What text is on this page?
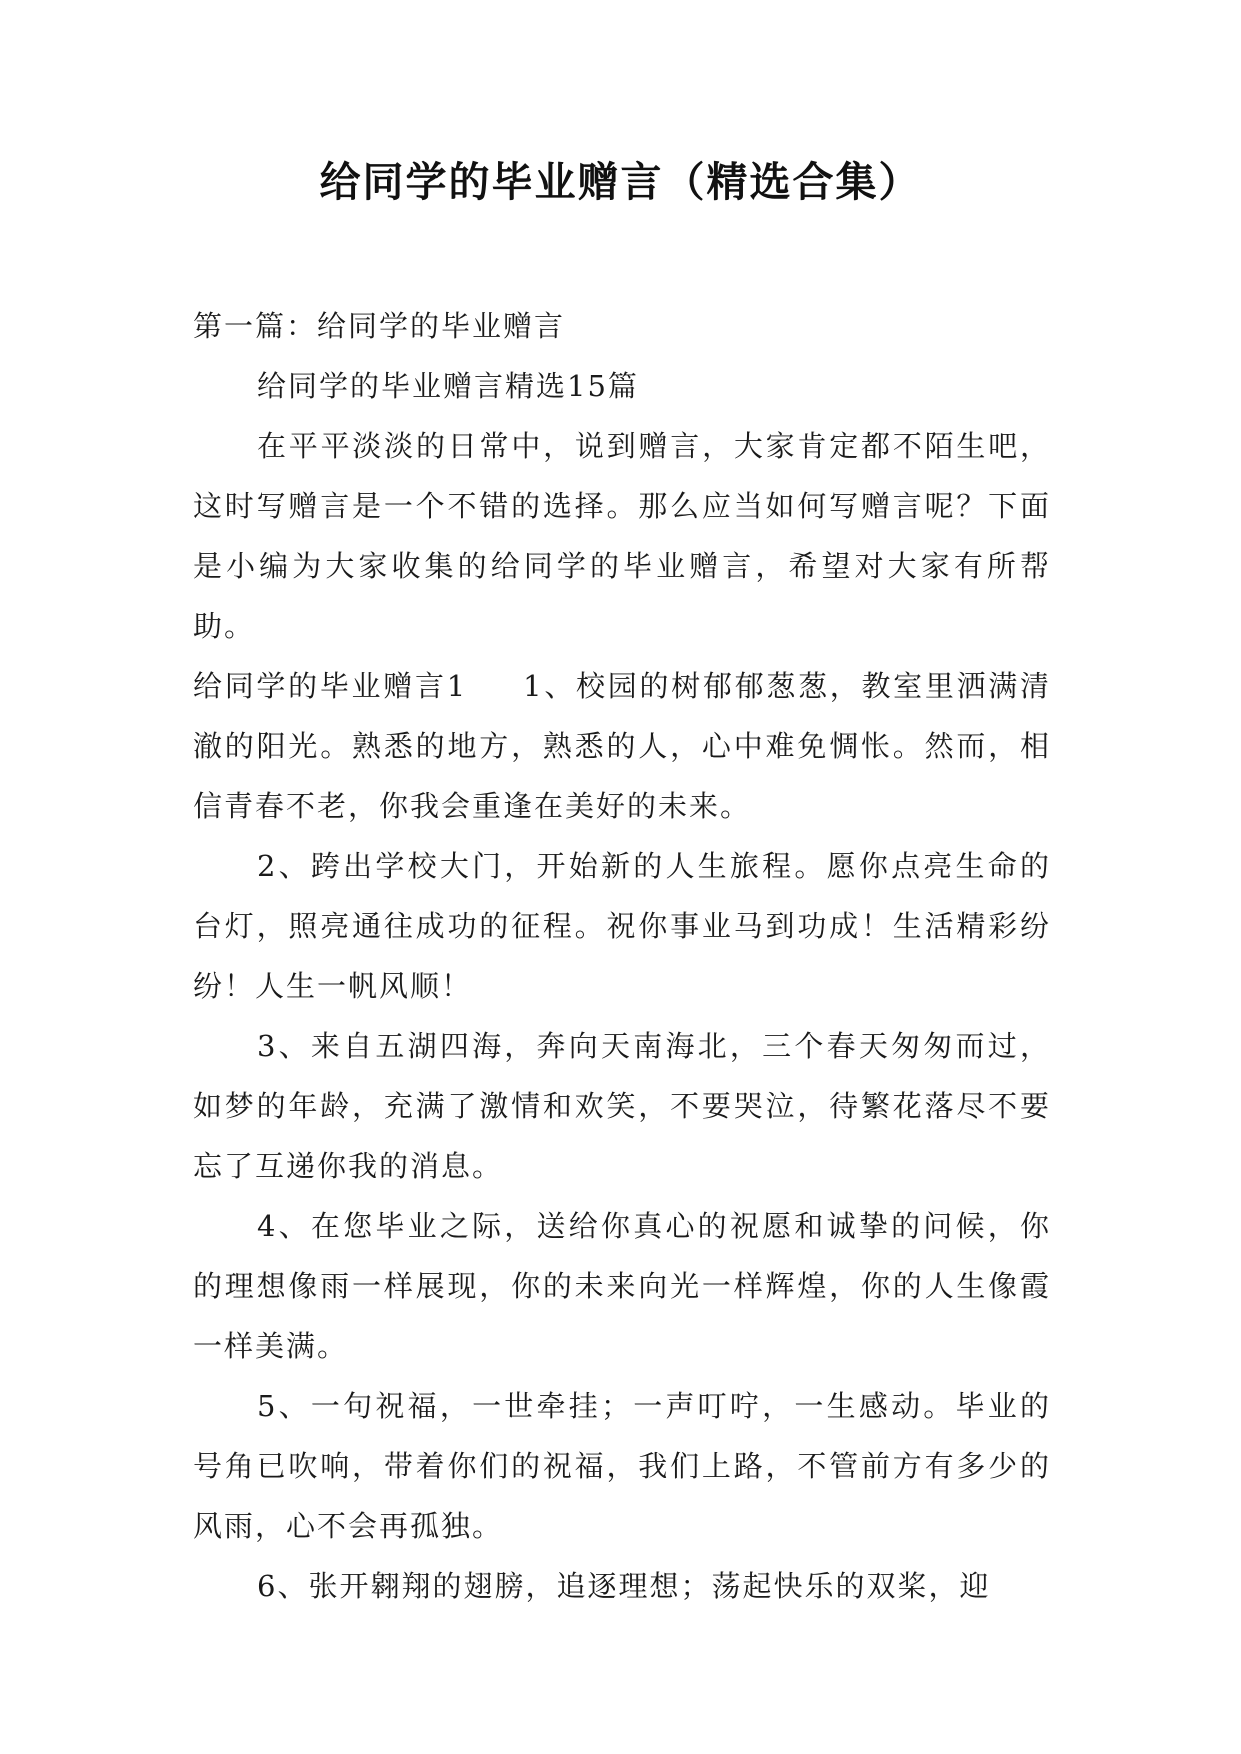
给同学的毕业赠言（精选合集）

第一篇：给同学的毕业赠言

给同学的毕业赠言精选15篇

在平平淡淡的日常中，说到赠言，大家肯定都不陌生吧，这时写赠言是一个不错的选择。那么应当如何写赠言呢？下面是小编为大家收集的给同学的毕业赠言，希望对大家有所帮助。

给同学的毕业赠言1 1、校园的树郁郁葱葱，教室里洒满清澈的阳光。熟悉的地方，熟悉的人，心中难免惆怅。然而，相信青春不老，你我会重逢在美好的未来。

2、跨出学校大门，开始新的人生旅程。愿你点亮生命的台灯，照亮通往成功的征程。祝你事业马到功成！生活精彩纷纷！人生一帆风顺！

3、来自五湖四海，奔向天南海北，三个春天匆匆而过，如梦的年龄，充满了激情和欢笑，不要哭泣，待繁花落尽不要忘了互递你我的消息。

4、在您毕业之际，送给你真心的祝愿和诚挚的问候，你的理想像雨一样展现，你的未来向光一样辉煌，你的人生像霞一样美满。

5、一句祝福，一世牵挂；一声叮咛，一生感动。毕业的号角已吹响，带着你们的祝福，我们上路，不管前方有多少的风雨，心不会再孤独。

6、张开翱翔的翅膀，追逐理想；荡起快乐的双桨，迎
